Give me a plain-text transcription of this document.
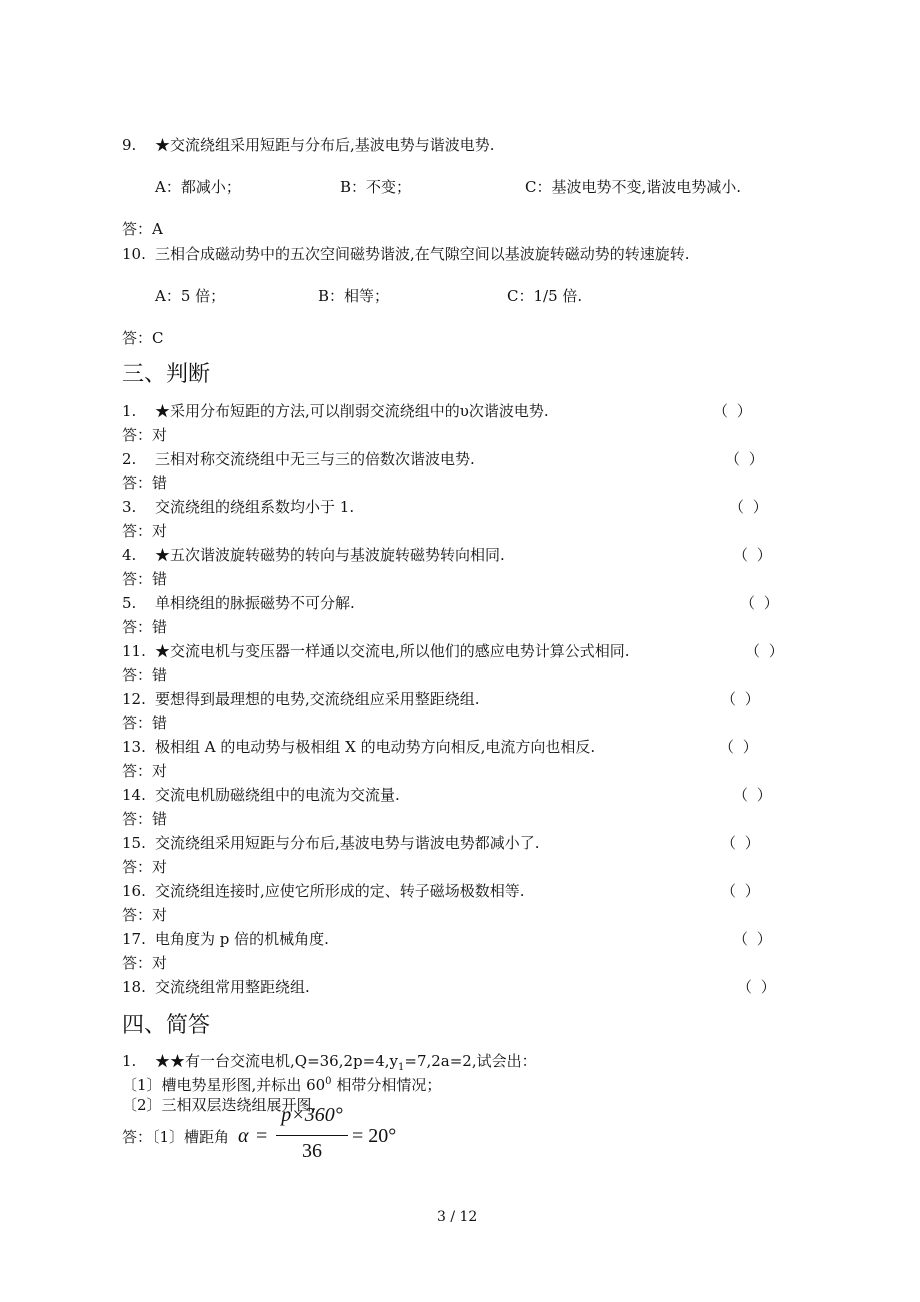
9. ★交流绕组采用短距与分布后,基波电势与谐波电势.
A：都减小；	B：不变；	C：基波电势不变,谐波电势减小.
答：A
10. 三相合成磁动势中的五次空间磁势谐波,在气隙空间以基波旋转磁动势的转速旋转.
A：5 倍；	B：相等；	C：1/5 倍.
答：C
三、判断
1. ★采用分布短距的方法,可以削弱交流绕组中的υ次谐波电势.	（ ）
答：对
2. 三相对称交流绕组中无三与三的倍数次谐波电势.	（ ）
答：错
3. 交流绕组的绕组系数均小于 1.	（ ）
答：对
4. ★五次谐波旋转磁势的转向与基波旋转磁势转向相同.	（ ）
答：错
5. 单相绕组的脉振磁势不可分解.	（ ）
答：错
11. ★交流电机与变压器一样通以交流电,所以他们的感应电势计算公式相同.	（ ）
答：错
12. 要想得到最理想的电势,交流绕组应采用整距绕组.	（ ）
答：错
13. 极相组 A 的电动势与极相组 X 的电动势方向相反,电流方向也相反.	（ ）
答：对
14. 交流电机励磁绕组中的电流为交流量.	（ ）
答：错
15. 交流绕组采用短距与分布后,基波电势与谐波电势都减小了.	（ ）
答：对
16. 交流绕组连接时,应使它所形成的定、转子磁场极数相等.	（ ）
答：对
17. 电角度为 p 倍的机械角度.	（ ）
答：对
18. 交流绕组常用整距绕组.	（ ）
四、简答
1. ★★有一台交流电机$,Q=36,2p=4,y_1=7,2a=2$,试会出：
〔1〕槽电势星形图,并标出 $60^0$ 相带分相情况；
〔2〕三相双层迭绕组展开图.
答：〔1〕槽距角 α =
p×360°
36
= 20°
3 / 12
